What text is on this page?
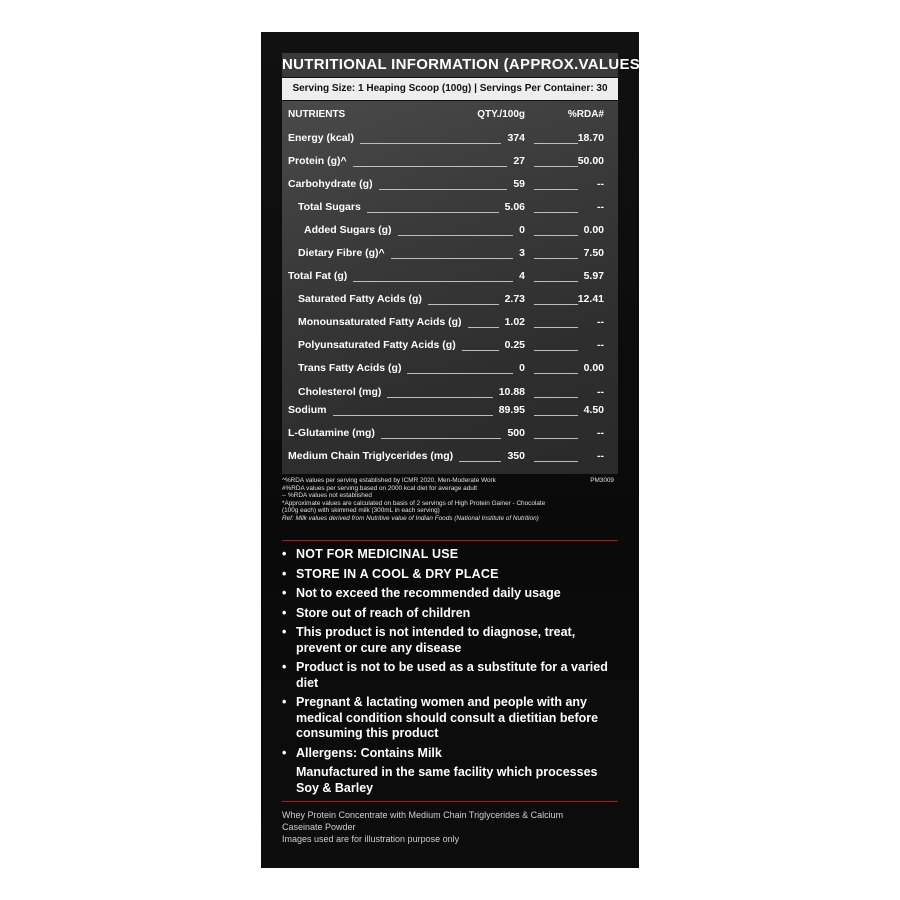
NUTRITIONAL INFORMATION (APPROX.VALUES):
Serving Size: 1 Heaping Scoop (100g) | Servings Per Container: 30
NUTRIENTS	QTY./100g	%RDA#
Energy (kcal)	374	18.70
Protein (g)^	27	50.00
Carbohydrate (g)	59	--
Total Sugars	5.06	--
Added Sugars (g)	0	0.00
Dietary Fibre (g)^	3	7.50
Total Fat (g)	4	5.97
Saturated Fatty Acids (g)	2.73	12.41
Monounsaturated Fatty Acids (g)	1.02	--
Polyunsaturated Fatty Acids (g)	0.25	--
Trans Fatty Acids (g)	0	0.00
Cholesterol (mg)	10.88	--
Sodium	89.95	4.50
L-Glutamine (mg)	500	--
Medium Chain Triglycerides (mg)	350	--
^%RDA values per serving established by ICMR 2020, Men-Moderate Work
#%RDA values per serving based on 2000 kcal diet for average adult
-- %RDA values not established
*Approximate values are calculated on basis of 2 servings of High Protein Gainer - Chocolate
(100g each) with skimmed milk (300mL in each serving)
Ref: Milk values derived from Nutritive value of Indian Foods (National Institute of Nutrition)
PM3009
• NOT FOR MEDICINAL USE
• STORE IN A COOL & DRY PLACE
• Not to exceed the recommended daily usage
• Store out of reach of children
• This product is not intended to diagnose, treat, prevent or cure any disease
• Product is not to be used as a substitute for a varied diet
• Pregnant & lactating women and people with any medical condition should consult a dietitian before consuming this product
• Allergens: Contains Milk
Manufactured in the same facility which processes Soy & Barley
Whey Protein Concentrate with Medium Chain Triglycerides & Calcium Caseinate Powder
Images used are for illustration purpose only
